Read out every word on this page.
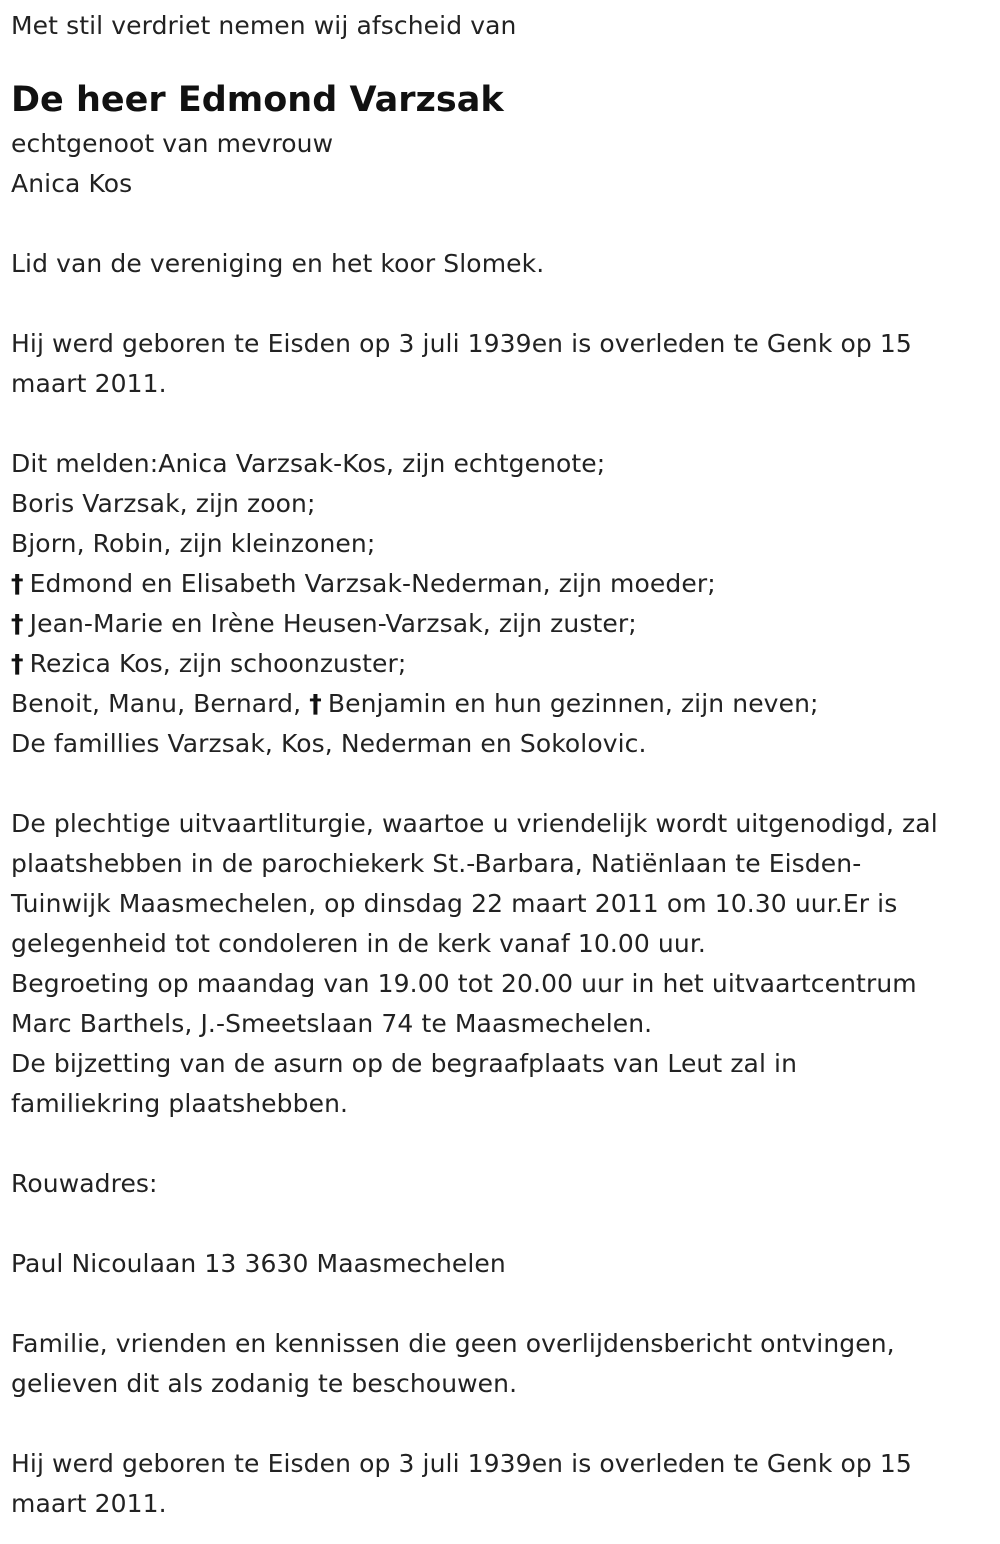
Met stil verdriet nemen wij afscheid van
De heer Edmond Varzsak
echtgenoot van mevrouw
Anica Kos
Lid van de vereniging en het koor Slomek.
Hij werd geboren te Eisden op 3 juli 1939en is overleden te Genk op 15
maart 2011.
Dit melden:Anica Varzsak-Kos, zijn echtgenote;
Boris Varzsak, zijn zoon;
Bjorn, Robin, zijn kleinzonen;
† Edmond en Elisabeth Varzsak-Nederman, zijn moeder;
† Jean-Marie en Irène Heusen-Varzsak, zijn zuster;
† Rezica Kos, zijn schoonzuster;
Benoit, Manu, Bernard, † Benjamin en hun gezinnen, zijn neven;
De famillies Varzsak, Kos, Nederman en Sokolovic.
De plechtige uitvaartliturgie, waartoe u vriendelijk wordt uitgenodigd, zal
plaatshebben in de parochiekerk St.-Barbara, Natiënlaan te Eisden-
Tuinwijk Maasmechelen, op dinsdag 22 maart 2011 om 10.30 uur.Er is
gelegenheid tot condoleren in de kerk vanaf 10.00 uur.
Begroeting op maandag van 19.00 tot 20.00 uur in het uitvaartcentrum
Marc Barthels, J.-Smeetslaan 74 te Maasmechelen.
De bijzetting van de asurn op de begraafplaats van Leut zal in
familiekring plaatshebben.
Rouwadres:
Paul Nicoulaan 13 3630 Maasmechelen
Familie, vrienden en kennissen die geen overlijdensbericht ontvingen,
gelieven dit als zodanig te beschouwen.
Hij werd geboren te Eisden op 3 juli 1939en is overleden te Genk op 15
maart 2011.
